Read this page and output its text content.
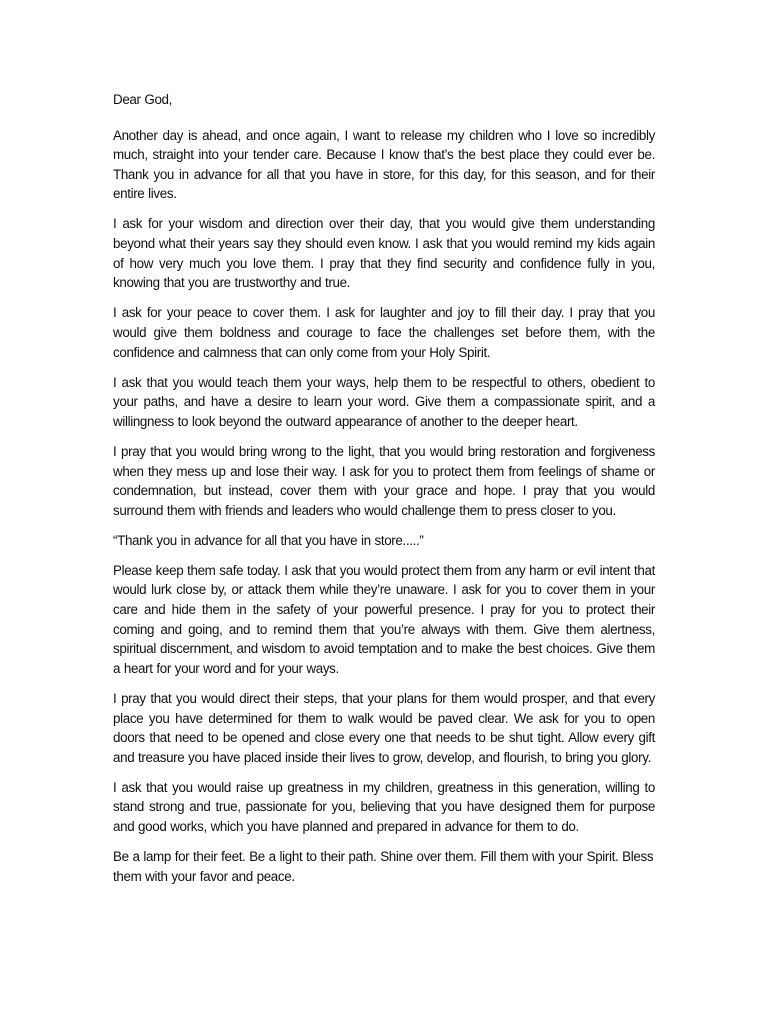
Dear God,

Another day is ahead, and once again, I want to release my children who I love so incredibly much, straight into your tender care. Because I know that’s the best place they could ever be. Thank you in advance for all that you have in store, for this day, for this season, and for their entire lives.

I ask for your wisdom and direction over their day, that you would give them understanding beyond what their years say they should even know. I ask that you would remind my kids again of how very much you love them. I pray that they find security and confidence fully in you, knowing that you are trustworthy and true.

I ask for your peace to cover them. I ask for laughter and joy to fill their day. I pray that you would give them boldness and courage to face the challenges set before them, with the confidence and calmness that can only come from your Holy Spirit.

I ask that you would teach them your ways, help them to be respectful to others, obedient to your paths, and have a desire to learn your word. Give them a compassionate spirit, and a willingness to look beyond the outward appearance of another to the deeper heart.

I pray that you would bring wrong to the light, that you would bring restoration and forgiveness when they mess up and lose their way. I ask for you to protect them from feelings of shame or condemnation, but instead, cover them with your grace and hope. I pray that you would surround them with friends and leaders who would challenge them to press closer to you.

“Thank you in advance for all that you have in store.....”

Please keep them safe today. I ask that you would protect them from any harm or evil intent that would lurk close by, or attack them while they’re unaware. I ask for you to cover them in your care and hide them in the safety of your powerful presence. I pray for you to protect their coming and going, and to remind them that you’re always with them. Give them alertness, spiritual discernment, and wisdom to avoid temptation and to make the best choices. Give them a heart for your word and for your ways.

I pray that you would direct their steps, that your plans for them would prosper, and that every place you have determined for them to walk would be paved clear. We ask for you to open doors that need to be opened and close every one that needs to be shut tight. Allow every gift and treasure you have placed inside their lives to grow, develop, and flourish, to bring you glory.

I ask that you would raise up greatness in my children, greatness in this generation, willing to stand strong and true, passionate for you, believing that you have designed them for purpose and good works, which you have planned and prepared in advance for them to do.

Be a lamp for their feet. Be a light to their path. Shine over them. Fill them with your Spirit. Bless them with your favor and peace.
